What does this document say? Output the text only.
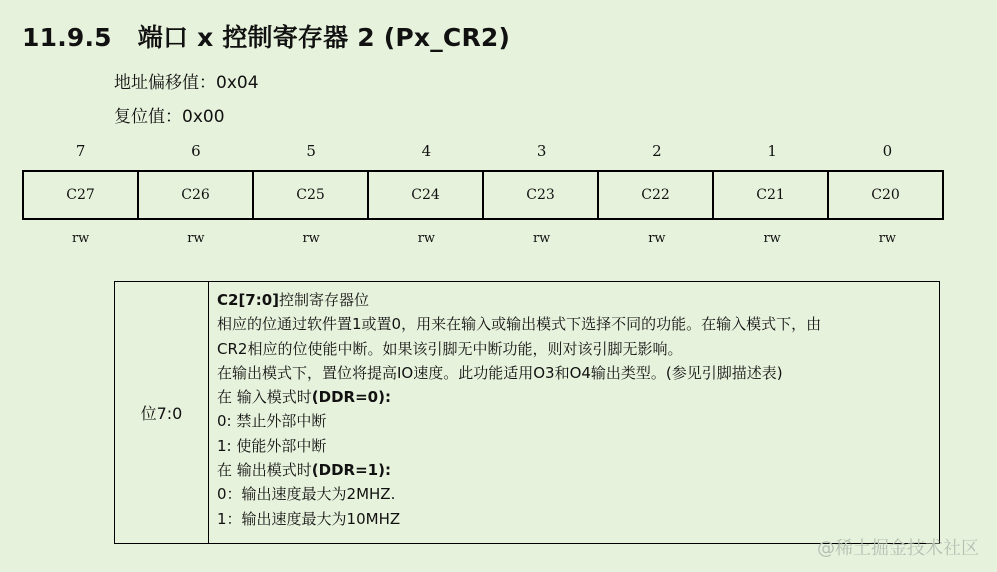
11.9.5 端口 x 控制寄存器 2 (Px_CR2)
地址偏移值：0x04
复位值：0x00
7	6	5	4	3	2	1	0
C27	C26	C25	C24	C23	C22	C21	C20
rw	rw	rw	rw	rw	rw	rw	rw
位7:0
C2[7:0]控制寄存器位
相应的位通过软件置1或置0，用来在输入或输出模式下选择不同的功能。在输入模式下，由
CR2相应的位使能中断。如果该引脚无中断功能，则对该引脚无影响。
在输出模式下，置位将提高IO速度。此功能适用O3和O4输出类型。(参见引脚描述表)
在 输入模式时(DDR=0):
0: 禁止外部中断
1: 使能外部中断
在 输出模式时(DDR=1):
0：输出速度最大为2MHZ.
1：输出速度最大为10MHZ
@稀土掘金技术社区
